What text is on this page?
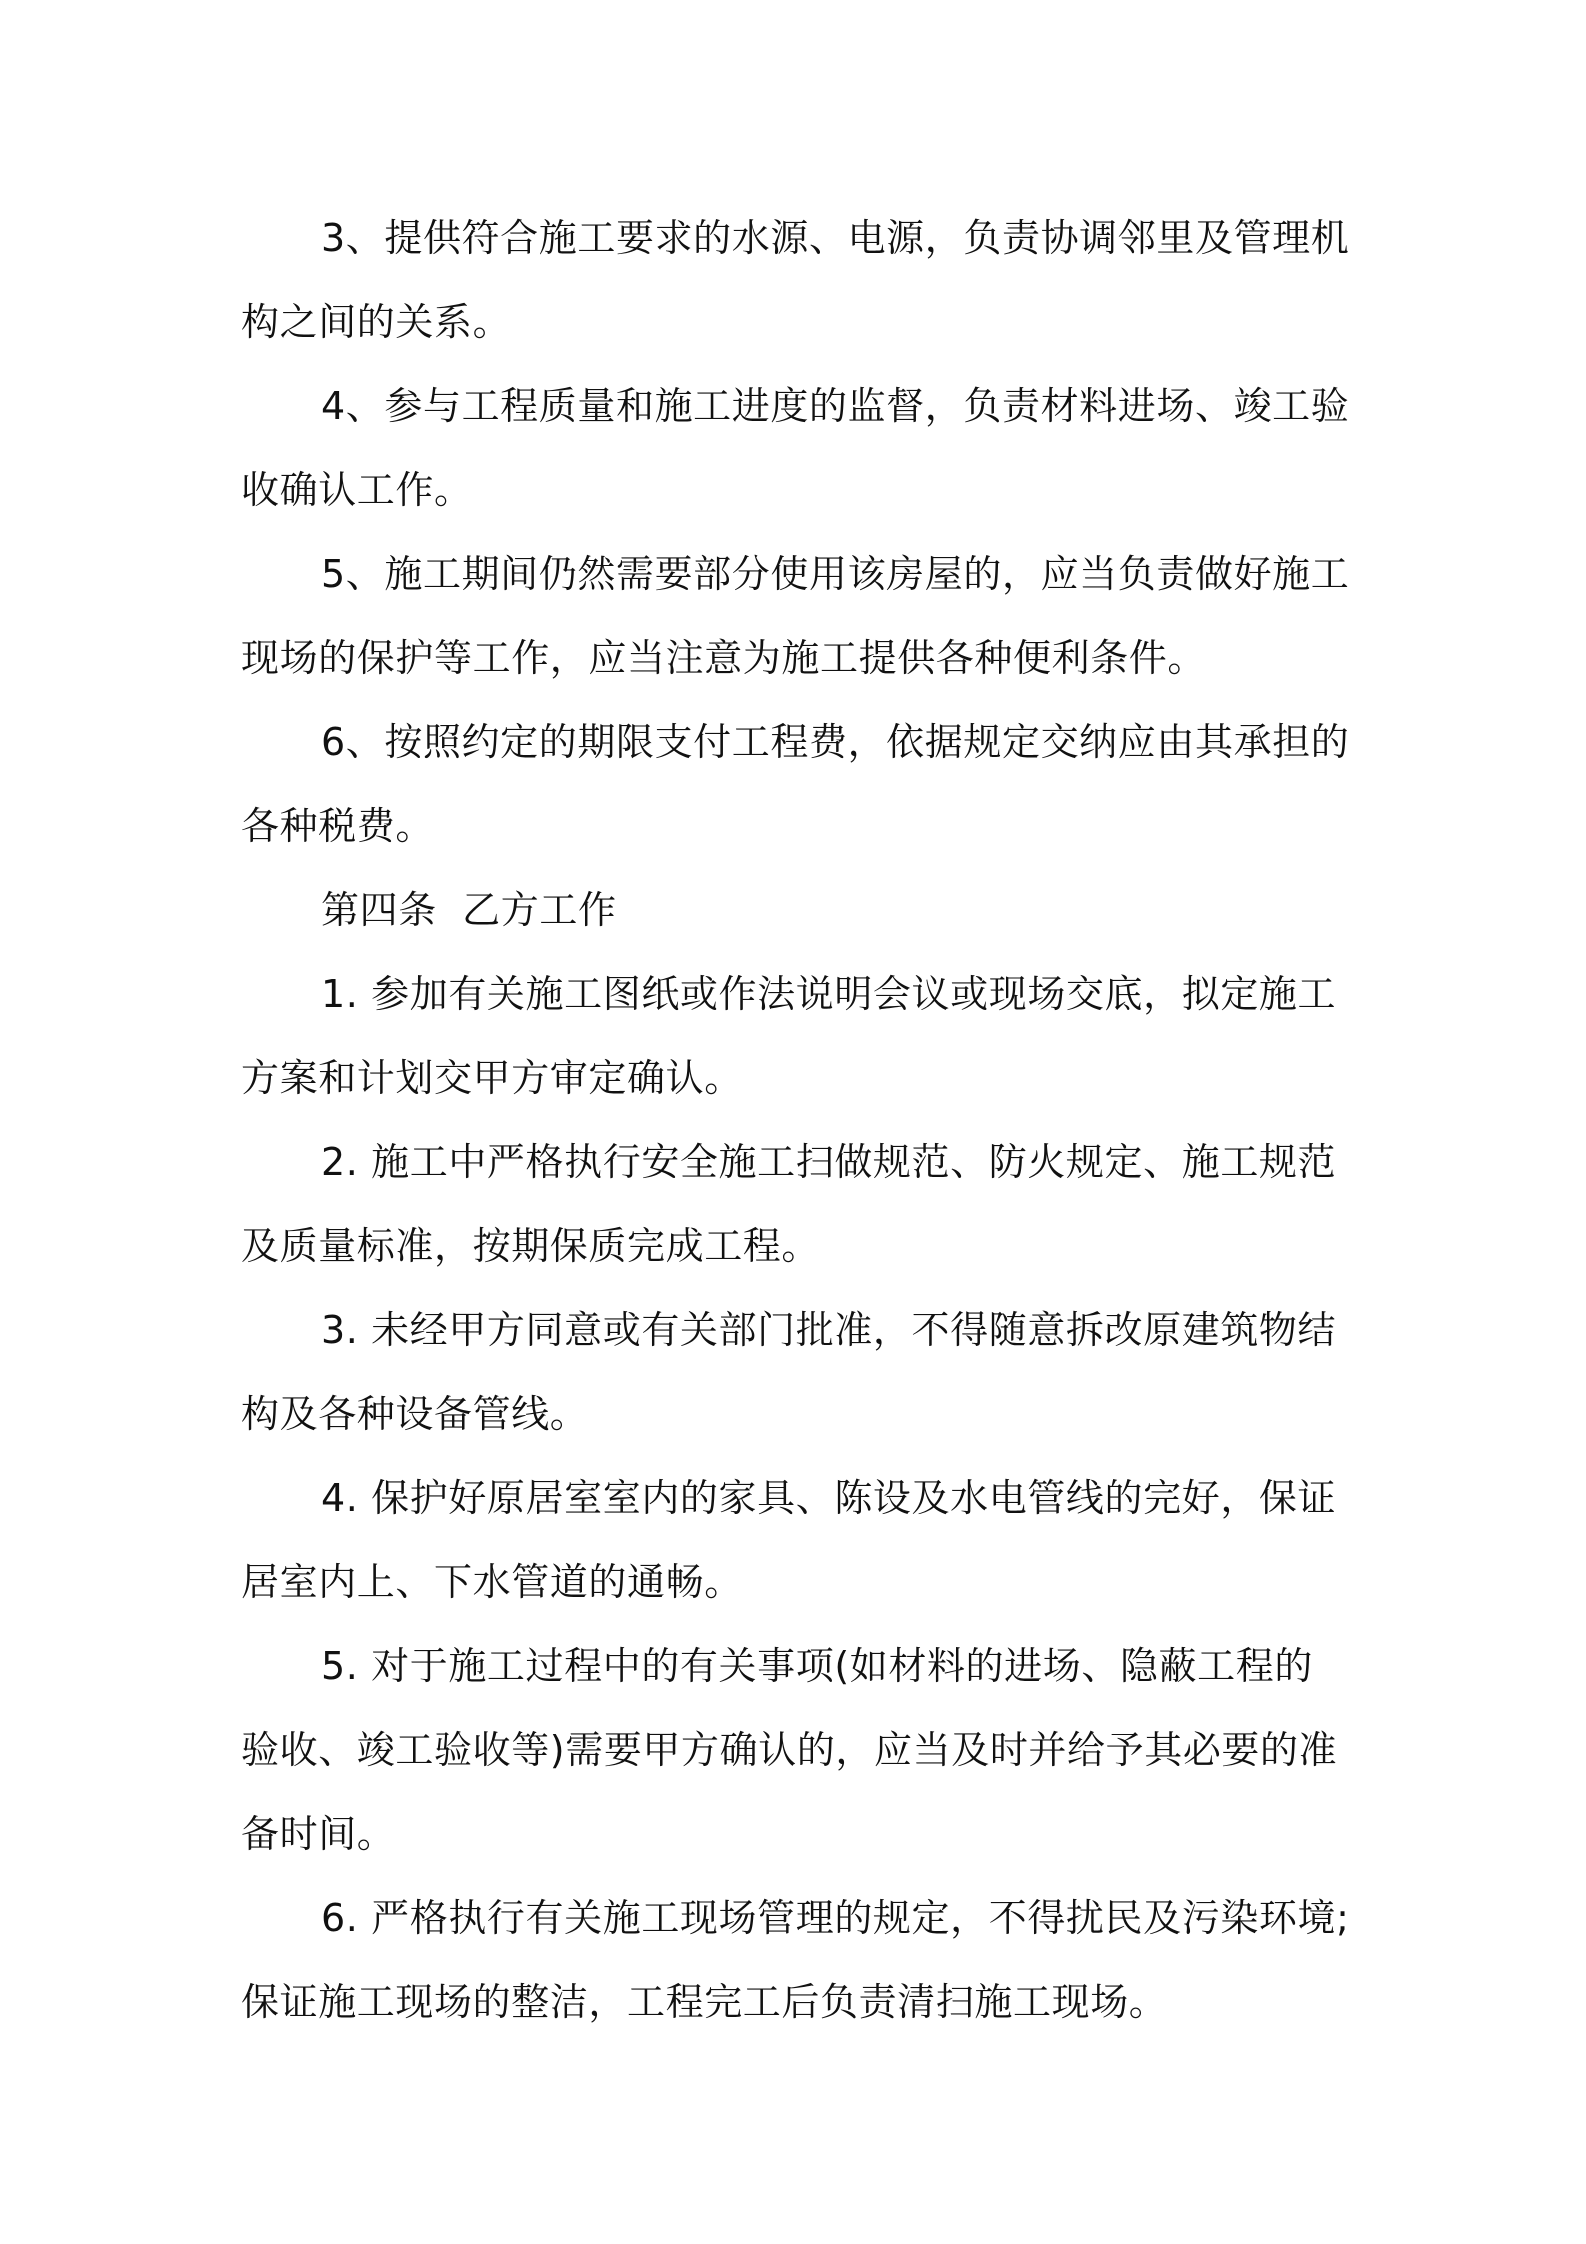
3、提供符合施工要求的水源、电源，负责协调邻里及管理机构之间的关系。

4、参与工程质量和施工进度的监督，负责材料进场、竣工验收确认工作。

5、施工期间仍然需要部分使用该房屋的，应当负责做好施工现场的保护等工作，应当注意为施工提供各种便利条件。

6、按照约定的期限支付工程费，依据规定交纳应由其承担的各种税费。

第四条  乙方工作

1. 参加有关施工图纸或作法说明会议或现场交底，拟定施工方案和计划交甲方审定确认。

2. 施工中严格执行安全施工扫做规范、防火规定、施工规范及质量标准，按期保质完成工程。

3. 未经甲方同意或有关部门批准，不得随意拆改原建筑物结构及各种设备管线。

4. 保护好原居室室内的家具、陈设及水电管线的完好，保证居室内上、下水管道的通畅。

5. 对于施工过程中的有关事项(如材料的进场、隐蔽工程的验收、竣工验收等)需要甲方确认的，应当及时并给予其必要的准备时间。

6. 严格执行有关施工现场管理的规定，不得扰民及污染环境;保证施工现场的整洁，工程完工后负责清扫施工现场。
